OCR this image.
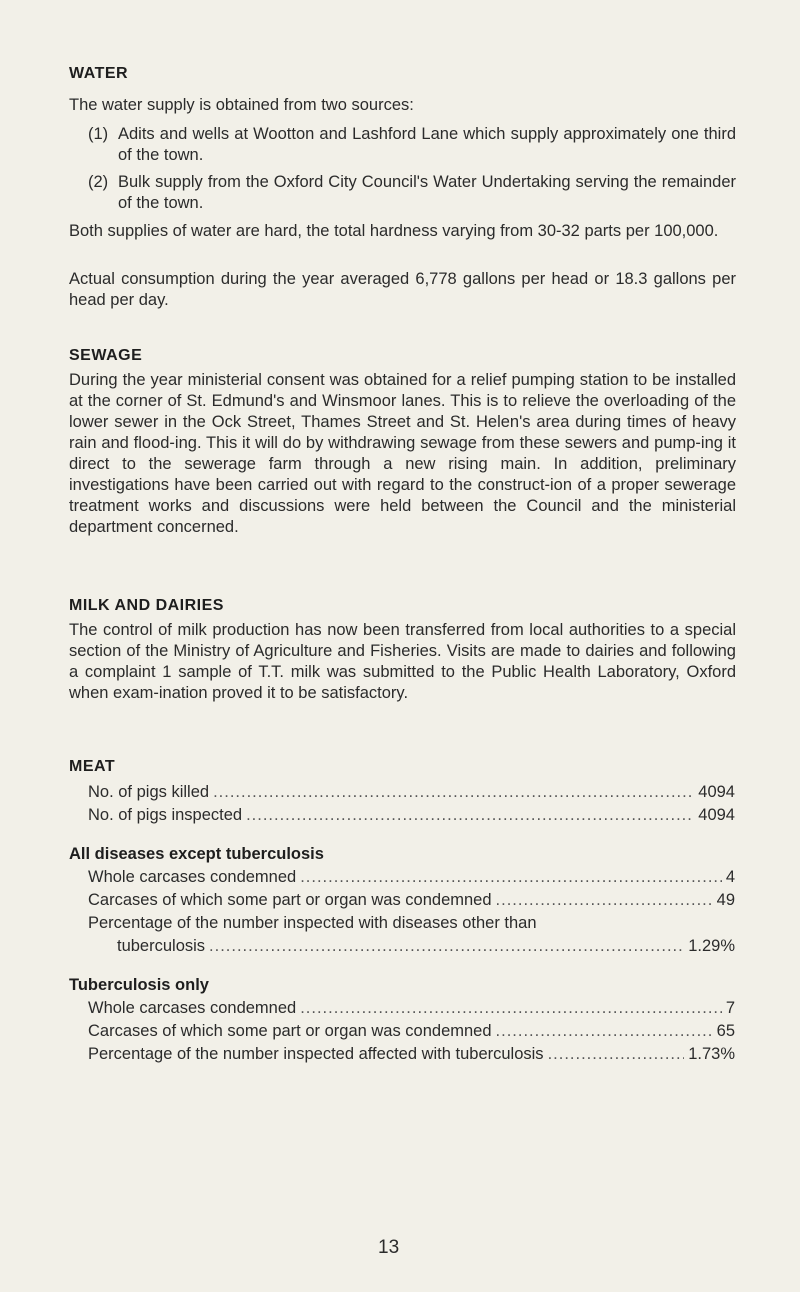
WATER
The water supply is obtained from two sources:
(1) Adits and wells at Wootton and Lashford Lane which supply approximately one third of the town.
(2) Bulk supply from the Oxford City Council's Water Undertaking serving the remainder of the town.
Both supplies of water are hard, the total hardness varying from 30-32 parts per 100,000.
Actual consumption during the year averaged 6,778 gallons per head or 18.3 gallons per head per day.
SEWAGE
During the year ministerial consent was obtained for a relief pumping station to be installed at the corner of St. Edmund's and Winsmoor lanes. This is to relieve the overloading of the lower sewer in the Ock Street, Thames Street and St. Helen's area during times of heavy rain and flood-ing. This it will do by withdrawing sewage from these sewers and pump-ing it direct to the sewerage farm through a new rising main. In addition, preliminary investigations have been carried out with regard to the construct-ion of a proper sewerage treatment works and discussions were held between the Council and the ministerial department concerned.
MILK AND DAIRIES
The control of milk production has now been transferred from local authorities to a special section of the Ministry of Agriculture and Fisheries. Visits are made to dairies and following a complaint 1 sample of T.T. milk was submitted to the Public Health Laboratory, Oxford when exam-ination proved it to be satisfactory.
MEAT
No. of pigs killed .....	4094
No. of pigs inspected .....	4094
All diseases except tuberculosis
Whole carcases condemned .....	4
Carcases of which some part or organ was condemned .....	49
Percentage of the number inspected with diseases other than
tuberculosis .....	1.29%
Tuberculosis only
Whole carcases condemned .....	7
Carcases of which some part or organ was condemned .....	65
Percentage of the number inspected affected with tuberculosis .....	1.73%
13
